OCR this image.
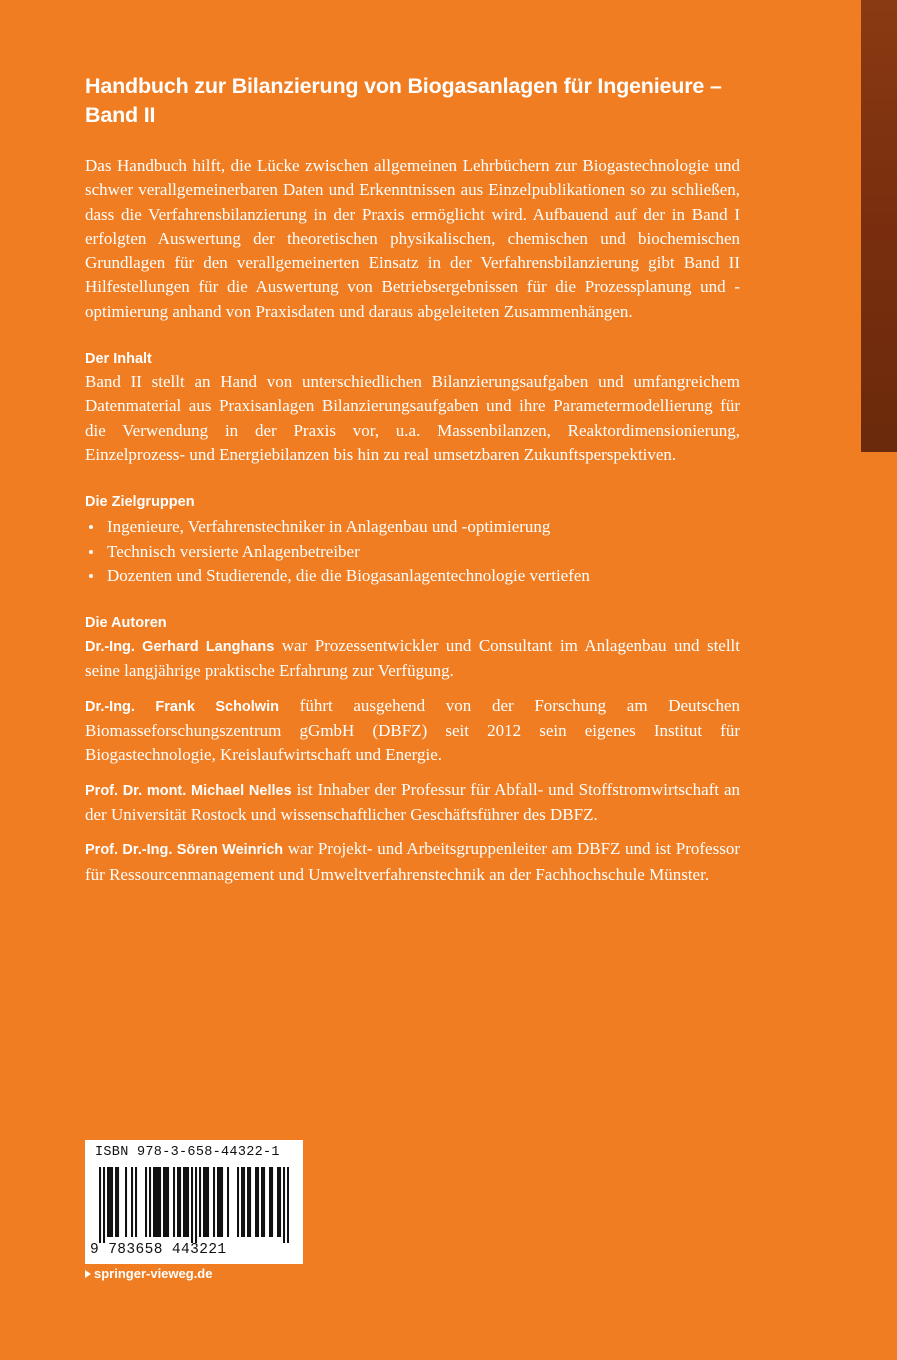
Handbuch zur Bilanzierung von Biogasanlagen für Ingenieure –
Band II

Das Handbuch hilft, die Lücke zwischen allgemeinen Lehrbüchern zur Biogastechnologie und schwer verallgemeinerbaren Daten und Erkenntnissen aus Einzelpublikationen so zu schließen, dass die Verfahrensbilanzierung in der Praxis ermöglicht wird. Aufbauend auf der in Band I erfolgten Auswertung der theoretischen physikalischen, chemischen und biochemischen Grundlagen für den verallgemeinerten Einsatz in der Verfahrensbilanzierung gibt Band II Hilfestellungen für die Auswertung von Betriebsergebnissen für die Prozessplanung und -optimierung anhand von Praxisdaten und daraus abgeleiteten Zusammenhängen.

Der Inhalt

Band II stellt an Hand von unterschiedlichen Bilanzierungsaufgaben und umfangreichem Datenmaterial aus Praxisanlagen Bilanzierungsaufgaben und ihre Parametermodellierung für die Verwendung in der Praxis vor, u.a. Massenbilanzen, Reaktordimensionierung, Einzelprozess- und Energiebilanzen bis hin zu real umsetzbaren Zukunftsperspektiven.

Die Zielgruppen
Ingenieure, Verfahrenstechniker in Anlagenbau und -optimierung
Technisch versierte Anlagenbetreiber
Dozenten und Studierende, die die Biogasanlagentechnologie vertiefen
Die Autoren

Dr.-Ing. Gerhard Langhans war Prozessentwickler und Consultant im Anlagenbau und stellt seine langjährige praktische Erfahrung zur Verfügung.

Dr.-Ing. Frank Scholwin führt ausgehend von der Forschung am Deutschen Biomasseforschungszentrum gGmbH (DBFZ) seit 2012 sein eigenes Institut für Biogastechnologie, Kreislaufwirtschaft und Energie.

Prof. Dr. mont. Michael Nelles ist Inhaber der Professur für Abfall- und Stoffstromwirtschaft an der Universität Rostock und wissenschaftlicher Geschäftsführer des DBFZ.

Prof. Dr.-Ing. Sören Weinrich war Projekt- und Arbeitsgruppenleiter am DBFZ und ist Professor für Ressourcenmanagement und Umweltverfahrenstechnik an der Fachhochschule Münster.

ISBN 978-3-658-44322-1
9 783658 443221
springer-vieweg.de
